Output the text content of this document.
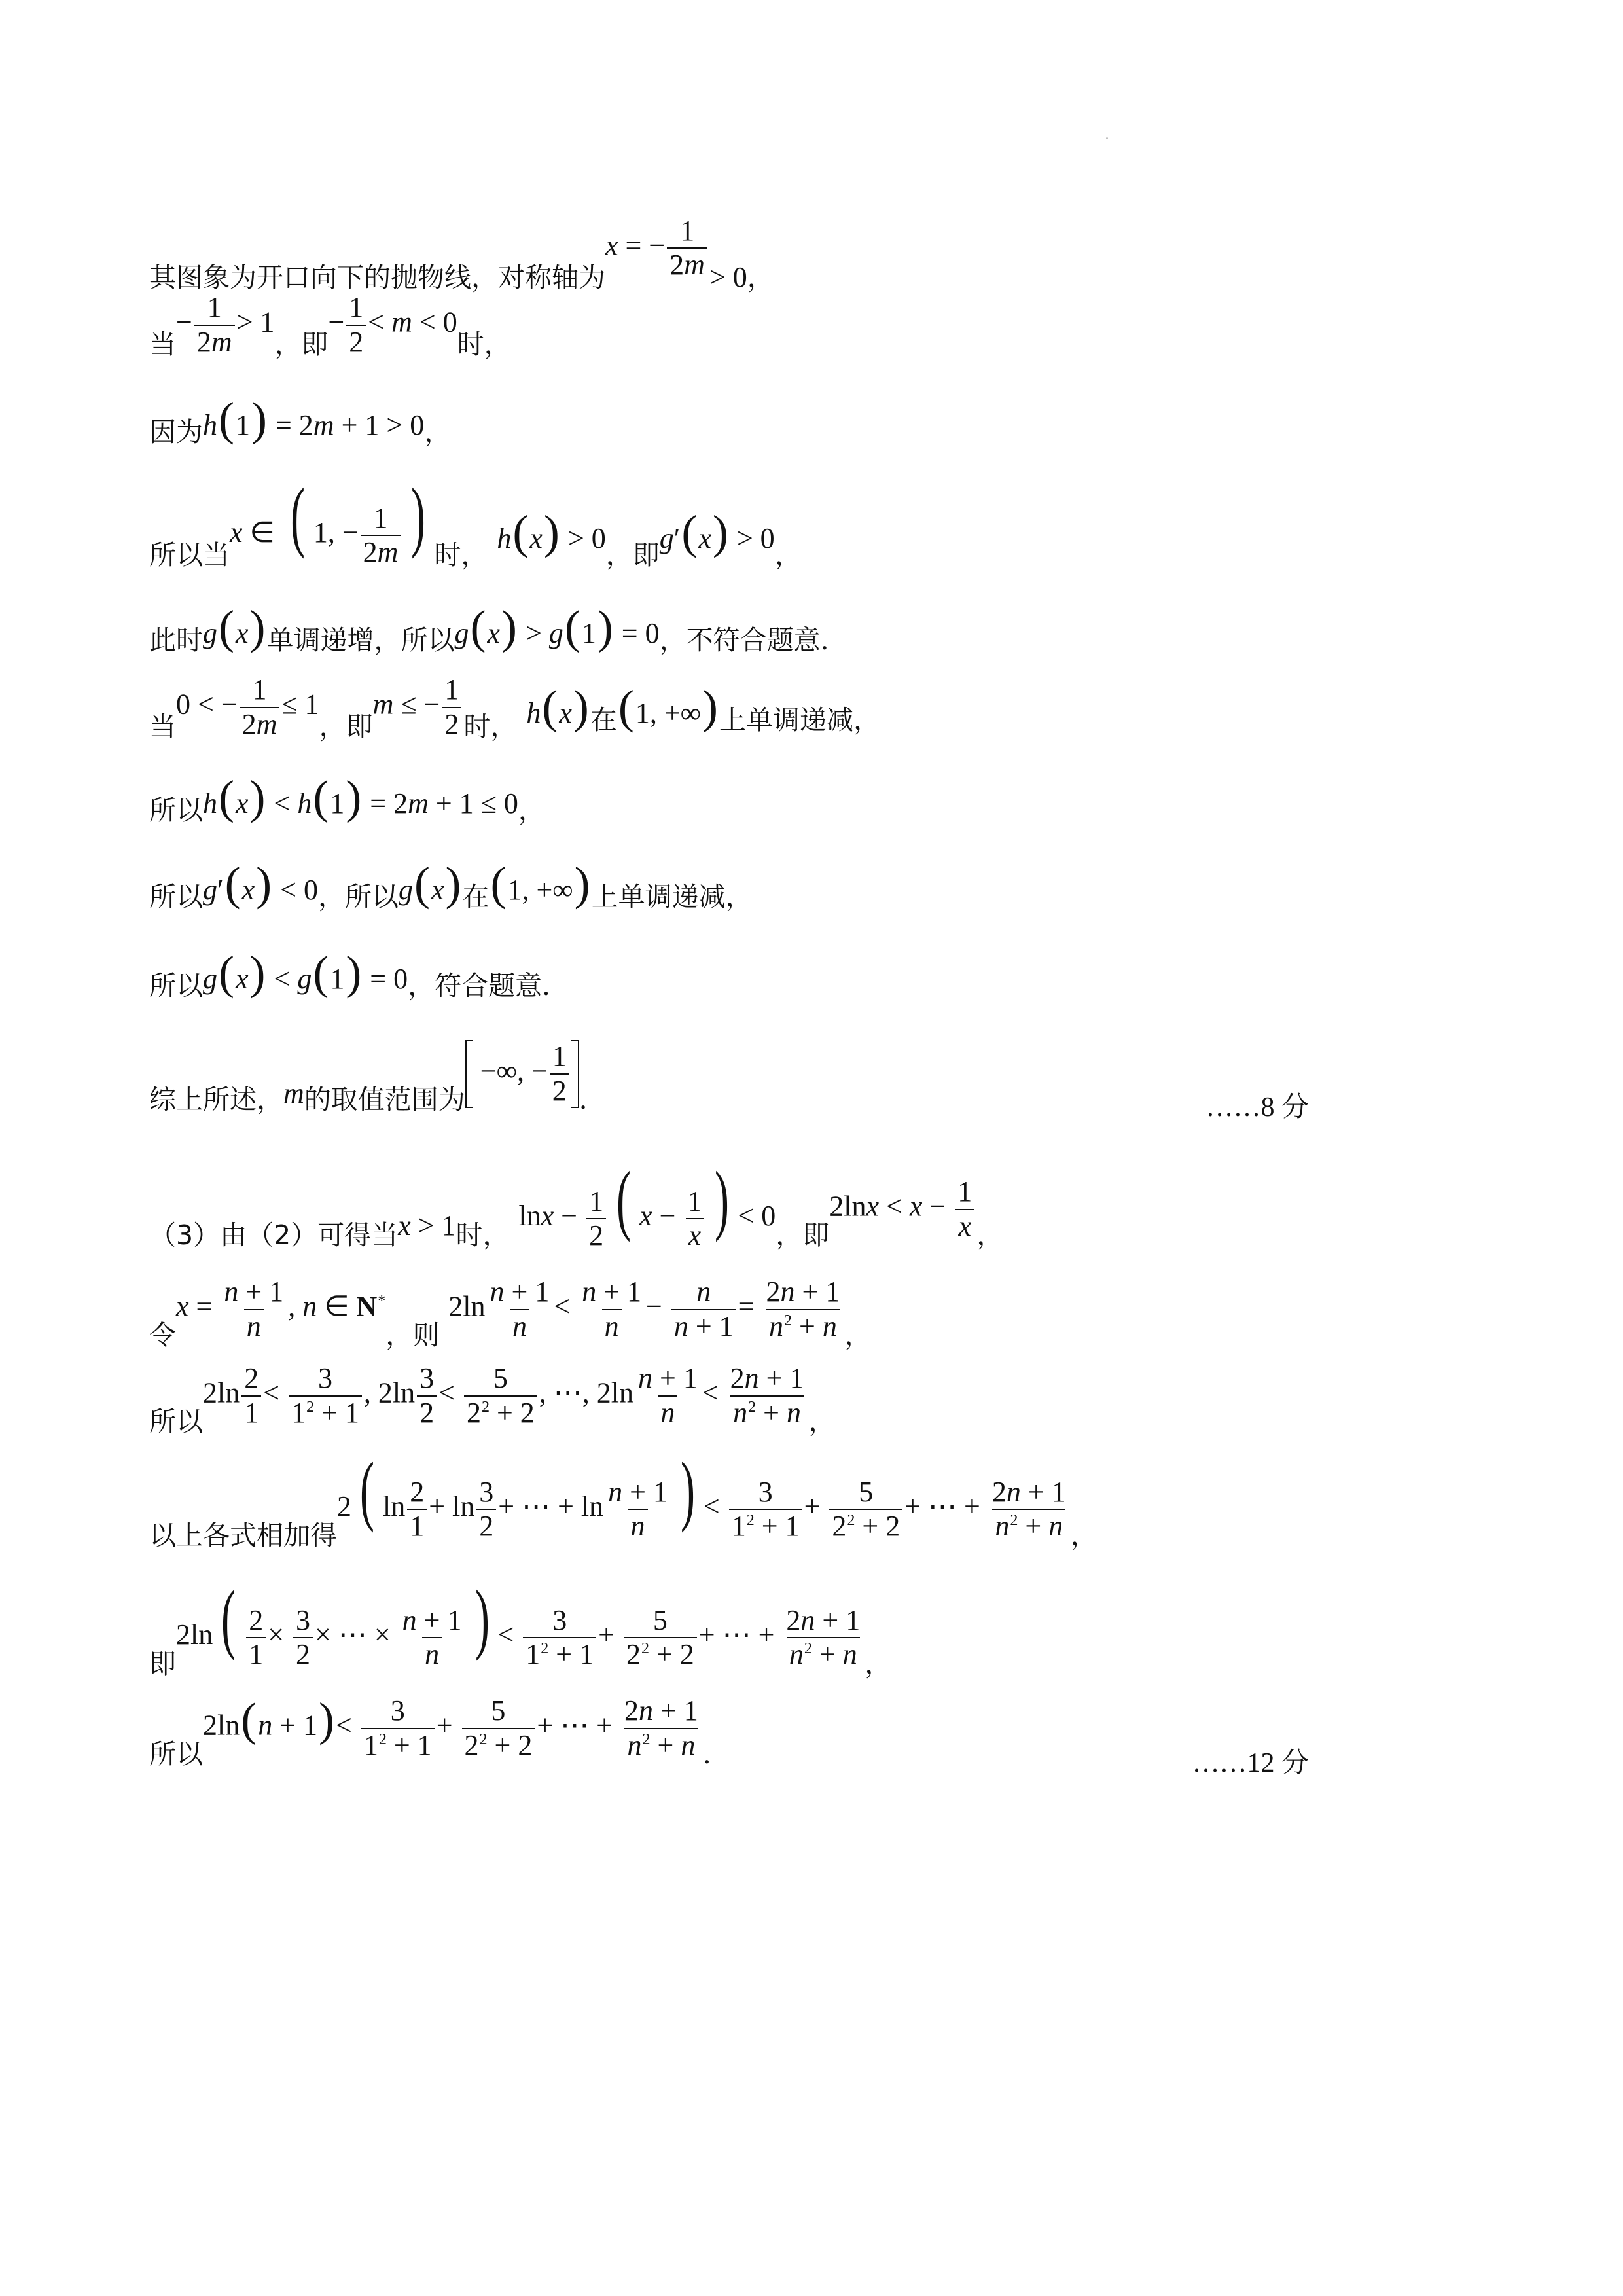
其图象为开口向下的抛物线，对称轴为
x = − $\frac{1}{2m} > 0$ ，
当
− $\frac{1}{2m} > 1$
，即
− $\frac{1}{2} < m < 0$
时，
因为 h(1) = 2m + 1 > 0 ，
所以当
x ∈ ( 1, − $\frac{1}{2m}$ ) 时，
h(x) > 0
，即
g′(x) > 0
，
此时 g(x) 单调递增，所以 g(x) > g(1) = 0 ，不符合题意．
当
0 < − $\frac{1}{2m} \le 1$
，即
m ≤ − $\frac{1}{2}$ 时， h(x) 在 (1, +∞) 上单调递减，
所以 h(x) < h(1) = 2m + 1 ≤ 0 ，
所以 g′(x) < 0 ，所以 g(x) 在 (1, +∞) 上单调递减，
所以 g(x) < g(1) = 0 ，符合题意．
综上所述， m 的取值范围为
−∞, − $\frac{1}{2}$ ．	……8 分
（3）由（2）可得当 x > 1 时，
$\ln x - \frac{1}{2}$ ( $x - \frac{1}{x}$ ) < 0
，即
$2\ln x < x - \frac{1}{x}$ ，
令
$x = \frac{n + 1}{n}$ , n ∈ N*
，则
$2\ln \frac{n + 1}{n} < \frac{n + 1}{n} - \frac{n}{n + 1} = \frac{2n + 1}{n^2 + n}$ ，
所以
$2\ln \frac{2}{1} < \frac{3}{1^2 + 1}$ , $2\ln \frac{3}{2} < \frac{5}{2^2 + 2}$ , ⋯, $2\ln \frac{n + 1}{n} < \frac{2n + 1}{n^2 + n}$ ，
以上各式相加得
2 ( $\ln \frac{2}{1} + \ln \frac{3}{2}$ + ⋯ + $\ln \frac{n + 1}{n}$ ) < $\frac{3}{1^2 + 1} + \frac{5}{2^2 + 2}$ + ⋯ + $\frac{2n + 1}{n^2 + n}$ ，
即
2ln ( $\frac{2}{1} \times \frac{3}{2}$ × ⋯ × $\frac{n + 1}{n}$ ) < $\frac{3}{1^2 + 1} + \frac{5}{2^2 + 2}$ + ⋯ + $\frac{2n + 1}{n^2 + n}$ ，
所以
$2\ln(n + 1)< \frac{3}{1^2 + 1} + \frac{5}{2^2 + 2}$ + ⋯ + $\frac{2n + 1}{n^2 + n}$ ．	……12 分
